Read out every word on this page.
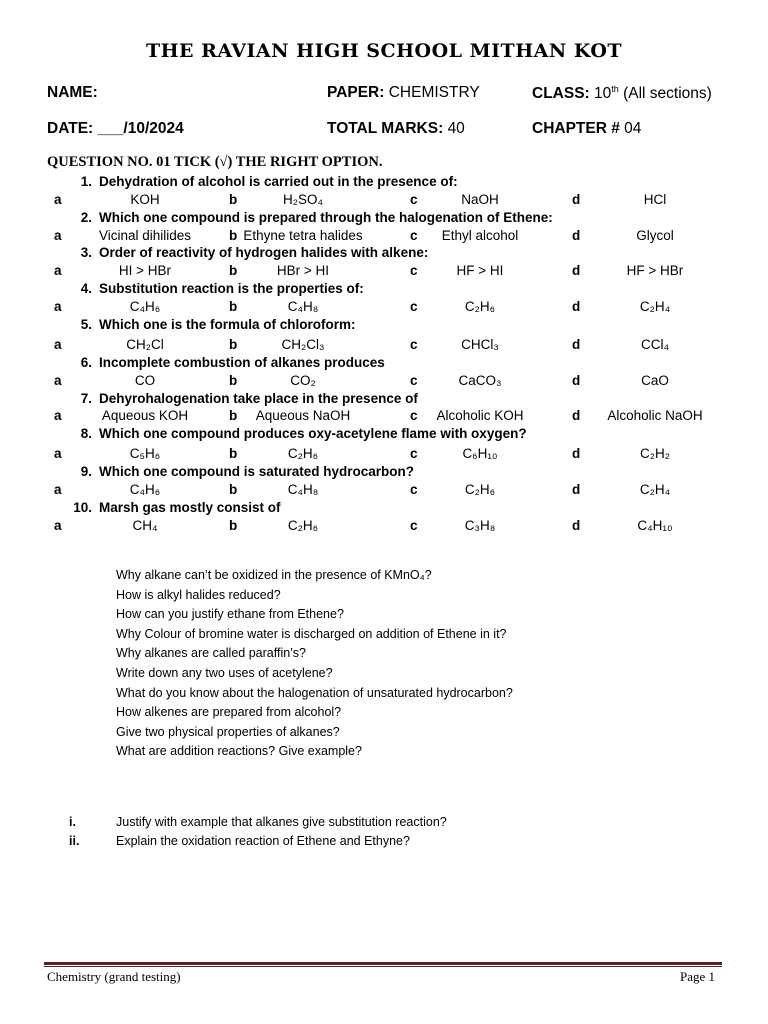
THE RAVIAN HIGH SCHOOL MITHAN KOT
NAME:	PAPER: CHEMISTRY	CLASS: 10th (All sections)
DATE: ___/10/2024	TOTAL MARKS: 40	CHAPTER # 04
QUESTION NO. 01 TICK (√) THE RIGHT OPTION.
1. Dehydration of alcohol is carried out in the presence of:
a	KOH	b	H₂SO₄	c	NaOH	d	HCl
2. Which one compound is prepared through the halogenation of Ethene:
a	Vicinal dihilides	b Ethyne tetra halides	c	Ethyl alcohol	d	Glycol
3. Order of reactivity of hydrogen halides with alkene:
a	HI > HBr	b	HBr > HI	c	HF > HI	d	HF > HBr
4. Substitution reaction is the properties of:
a	C₄H₆	b	C₄H₈	c	C₂H₆	d	C₂H₄
5. Which one is the formula of chloroform:
a	CH₂Cl	b	CH₂Cl₃	c	CHCl₃	d	CCl₄
6. Incomplete combustion of alkanes produces
a	CO	b	CO₂	c	CaCO₃	d	CaO
7. Dehyrohalogenation take place in the presence of
a	Aqueous KOH	b	Aqueous NaOH	c	Alcoholic KOH	d	Alcoholic NaOH
8. Which one compound produces oxy-acetylene flame with oxygen?
a	C₅H₆	b	C₂H₆	c	C₆H₁₀	d	C₂H₂
9. Which one compound is saturated hydrocarbon?
a	C₄H₆	b	C₄H₈	c	C₂H₆	d	C₂H₄
10. Marsh gas mostly consist of
a	CH₄	b	C₂H₆	c	C₃H₈	d	C₄H₁₀
Why alkane can’t be oxidized in the presence of KMnO₄?
How is alkyl halides reduced?
How can you justify ethane from Ethene?
Why Colour of bromine water is discharged on addition of Ethene in it?
Why alkanes are called paraffin’s?
Write down any two uses of acetylene?
What do you know about the halogenation of unsaturated hydrocarbon?
How alkenes are prepared from alcohol?
Give two physical properties of alkanes?
What are addition reactions? Give example?
i.	Justify with example that alkanes give substitution reaction?
ii.	Explain the oxidation reaction of Ethene and Ethyne?
Chemistry (grand testing)	Page 1
